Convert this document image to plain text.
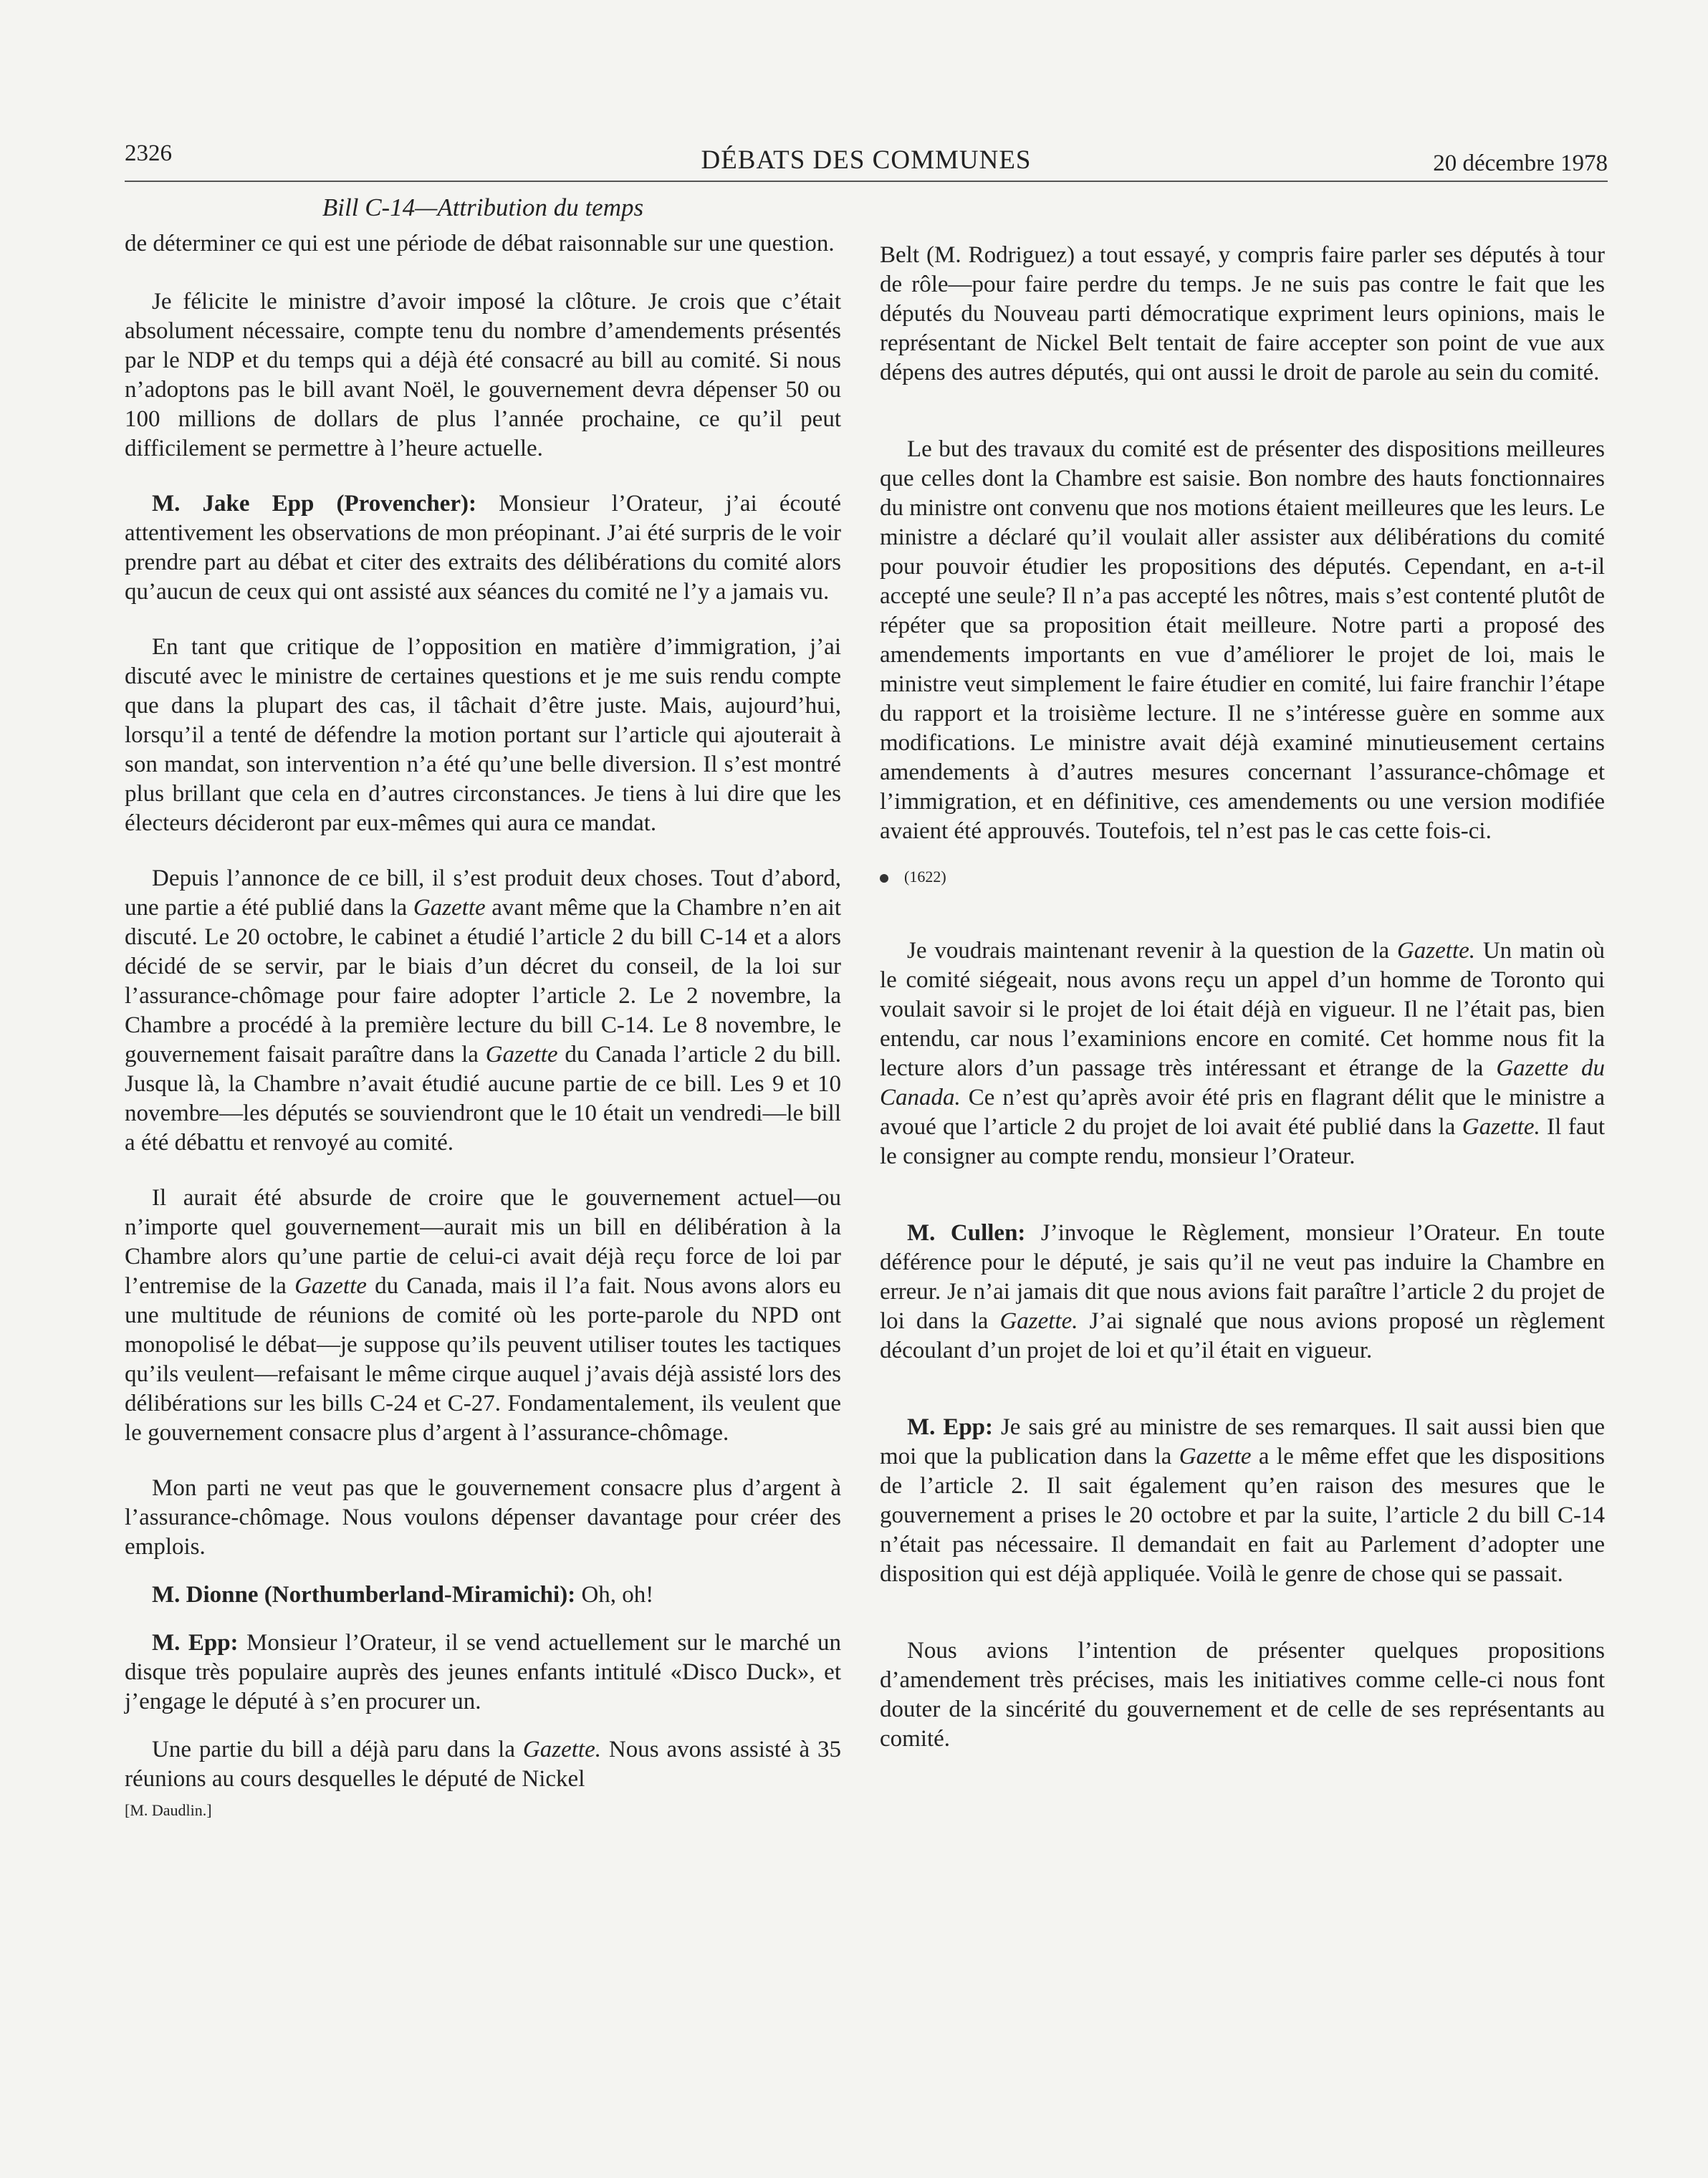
2326	DÉBATS DES COMMUNES	20 décembre 1978
Bill C-14—Attribution du temps

de déterminer ce qui est une période de débat raisonnable sur une question.

Je félicite le ministre d’avoir imposé la clôture. Je crois que c’était absolument nécessaire, compte tenu du nombre d’amendements présentés par le NDP et du temps qui a déjà été consacré au bill au comité. Si nous n’adoptons pas le bill avant Noël, le gouvernement devra dépenser 50 ou 100 millions de dollars de plus l’année prochaine, ce qu’il peut difficilement se permettre à l’heure actuelle.

M. Jake Epp (Provencher): Monsieur l’Orateur, j’ai écouté attentivement les observations de mon préopinant. J’ai été surpris de le voir prendre part au débat et citer des extraits des délibérations du comité alors qu’aucun de ceux qui ont assisté aux séances du comité ne l’y a jamais vu.

En tant que critique de l’opposition en matière d’immigration, j’ai discuté avec le ministre de certaines questions et je me suis rendu compte que dans la plupart des cas, il tâchait d’être juste. Mais, aujourd’hui, lorsqu’il a tenté de défendre la motion portant sur l’article qui ajouterait à son mandat, son intervention n’a été qu’une belle diversion. Il s’est montré plus brillant que cela en d’autres circonstances. Je tiens à lui dire que les électeurs décideront par eux-mêmes qui aura ce mandat.

Depuis l’annonce de ce bill, il s’est produit deux choses. Tout d’abord, une partie a été publié dans la Gazette avant même que la Chambre n’en ait discuté. Le 20 octobre, le cabinet a étudié l’article 2 du bill C-14 et a alors décidé de se servir, par le biais d’un décret du conseil, de la loi sur l’assurance-chômage pour faire adopter l’article 2. Le 2 novembre, la Chambre a procédé à la première lecture du bill C-14. Le 8 novembre, le gouvernement faisait paraître dans la Gazette du Canada l’article 2 du bill. Jusque là, la Chambre n’avait étudié aucune partie de ce bill. Les 9 et 10 novembre—les députés se souviendront que le 10 était un vendredi—le bill a été débattu et renvoyé au comité.

Il aurait été absurde de croire que le gouvernement actuel—ou n’importe quel gouvernement—aurait mis un bill en délibération à la Chambre alors qu’une partie de celui-ci avait déjà reçu force de loi par l’entremise de la Gazette du Canada, mais il l’a fait. Nous avons alors eu une multitude de réunions de comité où les porte-parole du NPD ont monopolisé le débat—je suppose qu’ils peuvent utiliser toutes les tactiques qu’ils veulent—refaisant le même cirque auquel j’avais déjà assisté lors des délibérations sur les bills C-24 et C-27. Fondamentalement, ils veulent que le gouvernement consacre plus d’argent à l’assurance-chômage.

Mon parti ne veut pas que le gouvernement consacre plus d’argent à l’assurance-chômage. Nous voulons dépenser davantage pour créer des emplois.

M. Dionne (Northumberland-Miramichi): Oh, oh!

M. Epp: Monsieur l’Orateur, il se vend actuellement sur le marché un disque très populaire auprès des jeunes enfants intitulé «Disco Duck», et j’engage le député à s’en procurer un.

Une partie du bill a déjà paru dans la Gazette. Nous avons assisté à 35 réunions au cours desquelles le député de Nickel

[M. Daudlin.]

Belt (M. Rodriguez) a tout essayé, y compris faire parler ses députés à tour de rôle—pour faire perdre du temps. Je ne suis pas contre le fait que les députés du Nouveau parti démocratique expriment leurs opinions, mais le représentant de Nickel Belt tentait de faire accepter son point de vue aux dépens des autres députés, qui ont aussi le droit de parole au sein du comité.

Le but des travaux du comité est de présenter des dispositions meilleures que celles dont la Chambre est saisie. Bon nombre des hauts fonctionnaires du ministre ont convenu que nos motions étaient meilleures que les leurs. Le ministre a déclaré qu’il voulait aller assister aux délibérations du comité pour pouvoir étudier les propositions des députés. Cependant, en a-t-il accepté une seule? Il n’a pas accepté les nôtres, mais s’est contenté plutôt de répéter que sa proposition était meilleure. Notre parti a proposé des amendements importants en vue d’améliorer le projet de loi, mais le ministre veut simplement le faire étudier en comité, lui faire franchir l’étape du rapport et la troisième lecture. Il ne s’intéresse guère en somme aux modifications. Le ministre avait déjà examiné minutieusement certains amendements à d’autres mesures concernant l’assurance-chômage et l’immigration, et en définitive, ces amendements ou une version modifiée avaient été approuvés. Toutefois, tel n’est pas le cas cette fois-ci.

(1622)

Je voudrais maintenant revenir à la question de la Gazette. Un matin où le comité siégeait, nous avons reçu un appel d’un homme de Toronto qui voulait savoir si le projet de loi était déjà en vigueur. Il ne l’était pas, bien entendu, car nous l’examinions encore en comité. Cet homme nous fit la lecture alors d’un passage très intéressant et étrange de la Gazette du Canada. Ce n’est qu’après avoir été pris en flagrant délit que le ministre a avoué que l’article 2 du projet de loi avait été publié dans la Gazette. Il faut le consigner au compte rendu, monsieur l’Orateur.

M. Cullen: J’invoque le Règlement, monsieur l’Orateur. En toute déférence pour le député, je sais qu’il ne veut pas induire la Chambre en erreur. Je n’ai jamais dit que nous avions fait paraître l’article 2 du projet de loi dans la Gazette. J’ai signalé que nous avions proposé un règlement découlant d’un projet de loi et qu’il était en vigueur.

M. Epp: Je sais gré au ministre de ses remarques. Il sait aussi bien que moi que la publication dans la Gazette a le même effet que les dispositions de l’article 2. Il sait également qu’en raison des mesures que le gouvernement a prises le 20 octobre et par la suite, l’article 2 du bill C-14 n’était pas nécessaire. Il demandait en fait au Parlement d’adopter une disposition qui est déjà appliquée. Voilà le genre de chose qui se passait.

Nous avions l’intention de présenter quelques propositions d’amendement très précises, mais les initiatives comme celle-ci nous font douter de la sincérité du gouvernement et de celle de ses représentants au comité.
